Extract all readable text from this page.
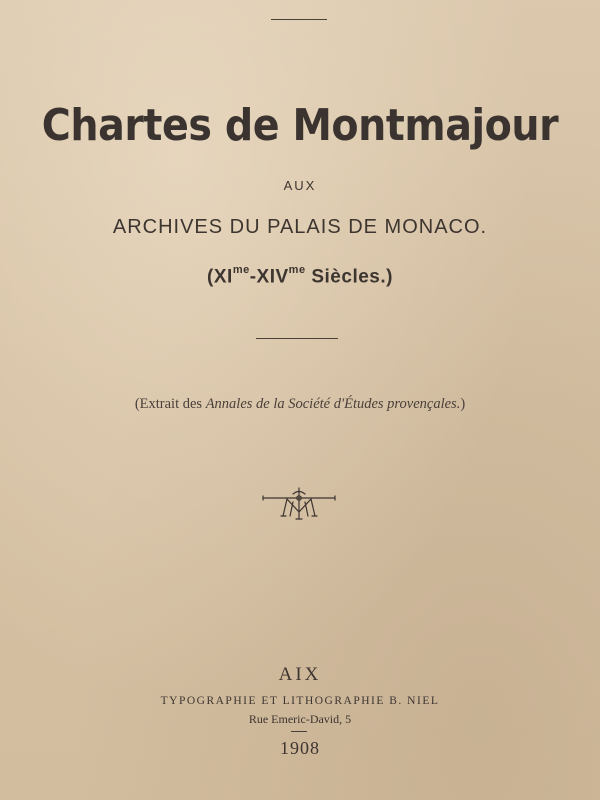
Chartes de Montmajour
AUX
ARCHIVES DU PALAIS DE MONACO.
($XI^{me}-XIV^{me}$ Siècles.)
(Extrait des Annales de la Société d'Études provençales.)
AIX
TYPOGRAPHIE ET LITHOGRAPHIE B. NIEL
Rue Emeric-David, 5
1908
